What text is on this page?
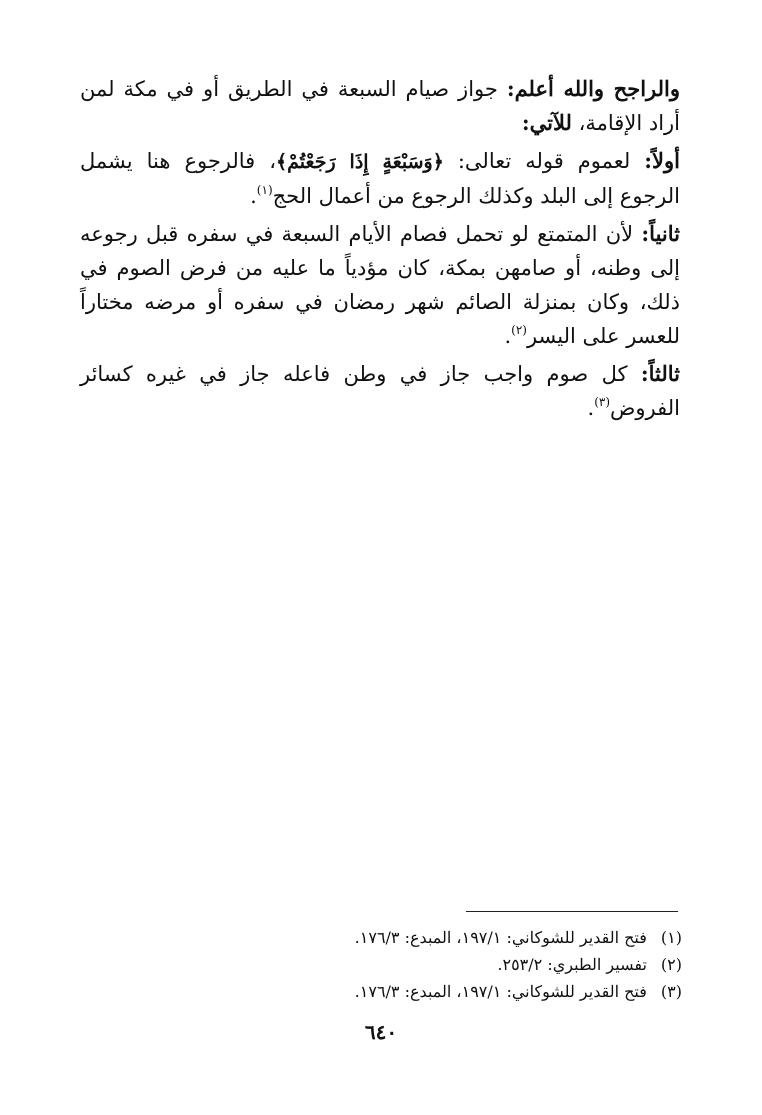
والراجح والله أعلم: جواز صيام السبعة في الطريق أو في مكة لمن أراد الإقامة، للآتي:

أولاً: لعموم قوله تعالى: ﴿وَسَبْعَةٍ إِذَا رَجَعْتُمْ﴾، فالرجوع هنا يشمل الرجوع إلى البلد وكذلك الرجوع من أعمال الحج$^{(١)}$.

ثانياً: لأن المتمتع لو تحمل فصام الأيام السبعة في سفره قبل رجوعه إلى وطنه، أو صامهن بمكة، كان مؤدياً ما عليه من فرض الصوم في ذلك، وكان بمنزلة الصائم شهر رمضان في سفره أو مرضه مختاراً للعسر على اليسر$^{(٢)}$.

ثالثاً: كل صوم واجب جاز في وطن فاعله جاز في غيره كسائر الفروض$^{(٣)}$.

(١) فتح القدير للشوكاني: ١٩٧/١، المبدع: ١٧٦/٣.

(٢) تفسير الطبري: ٢٥٣/٢.

(٣) فتح القدير للشوكاني: ١٩٧/١، المبدع: ١٧٦/٣.

٦٤٠
